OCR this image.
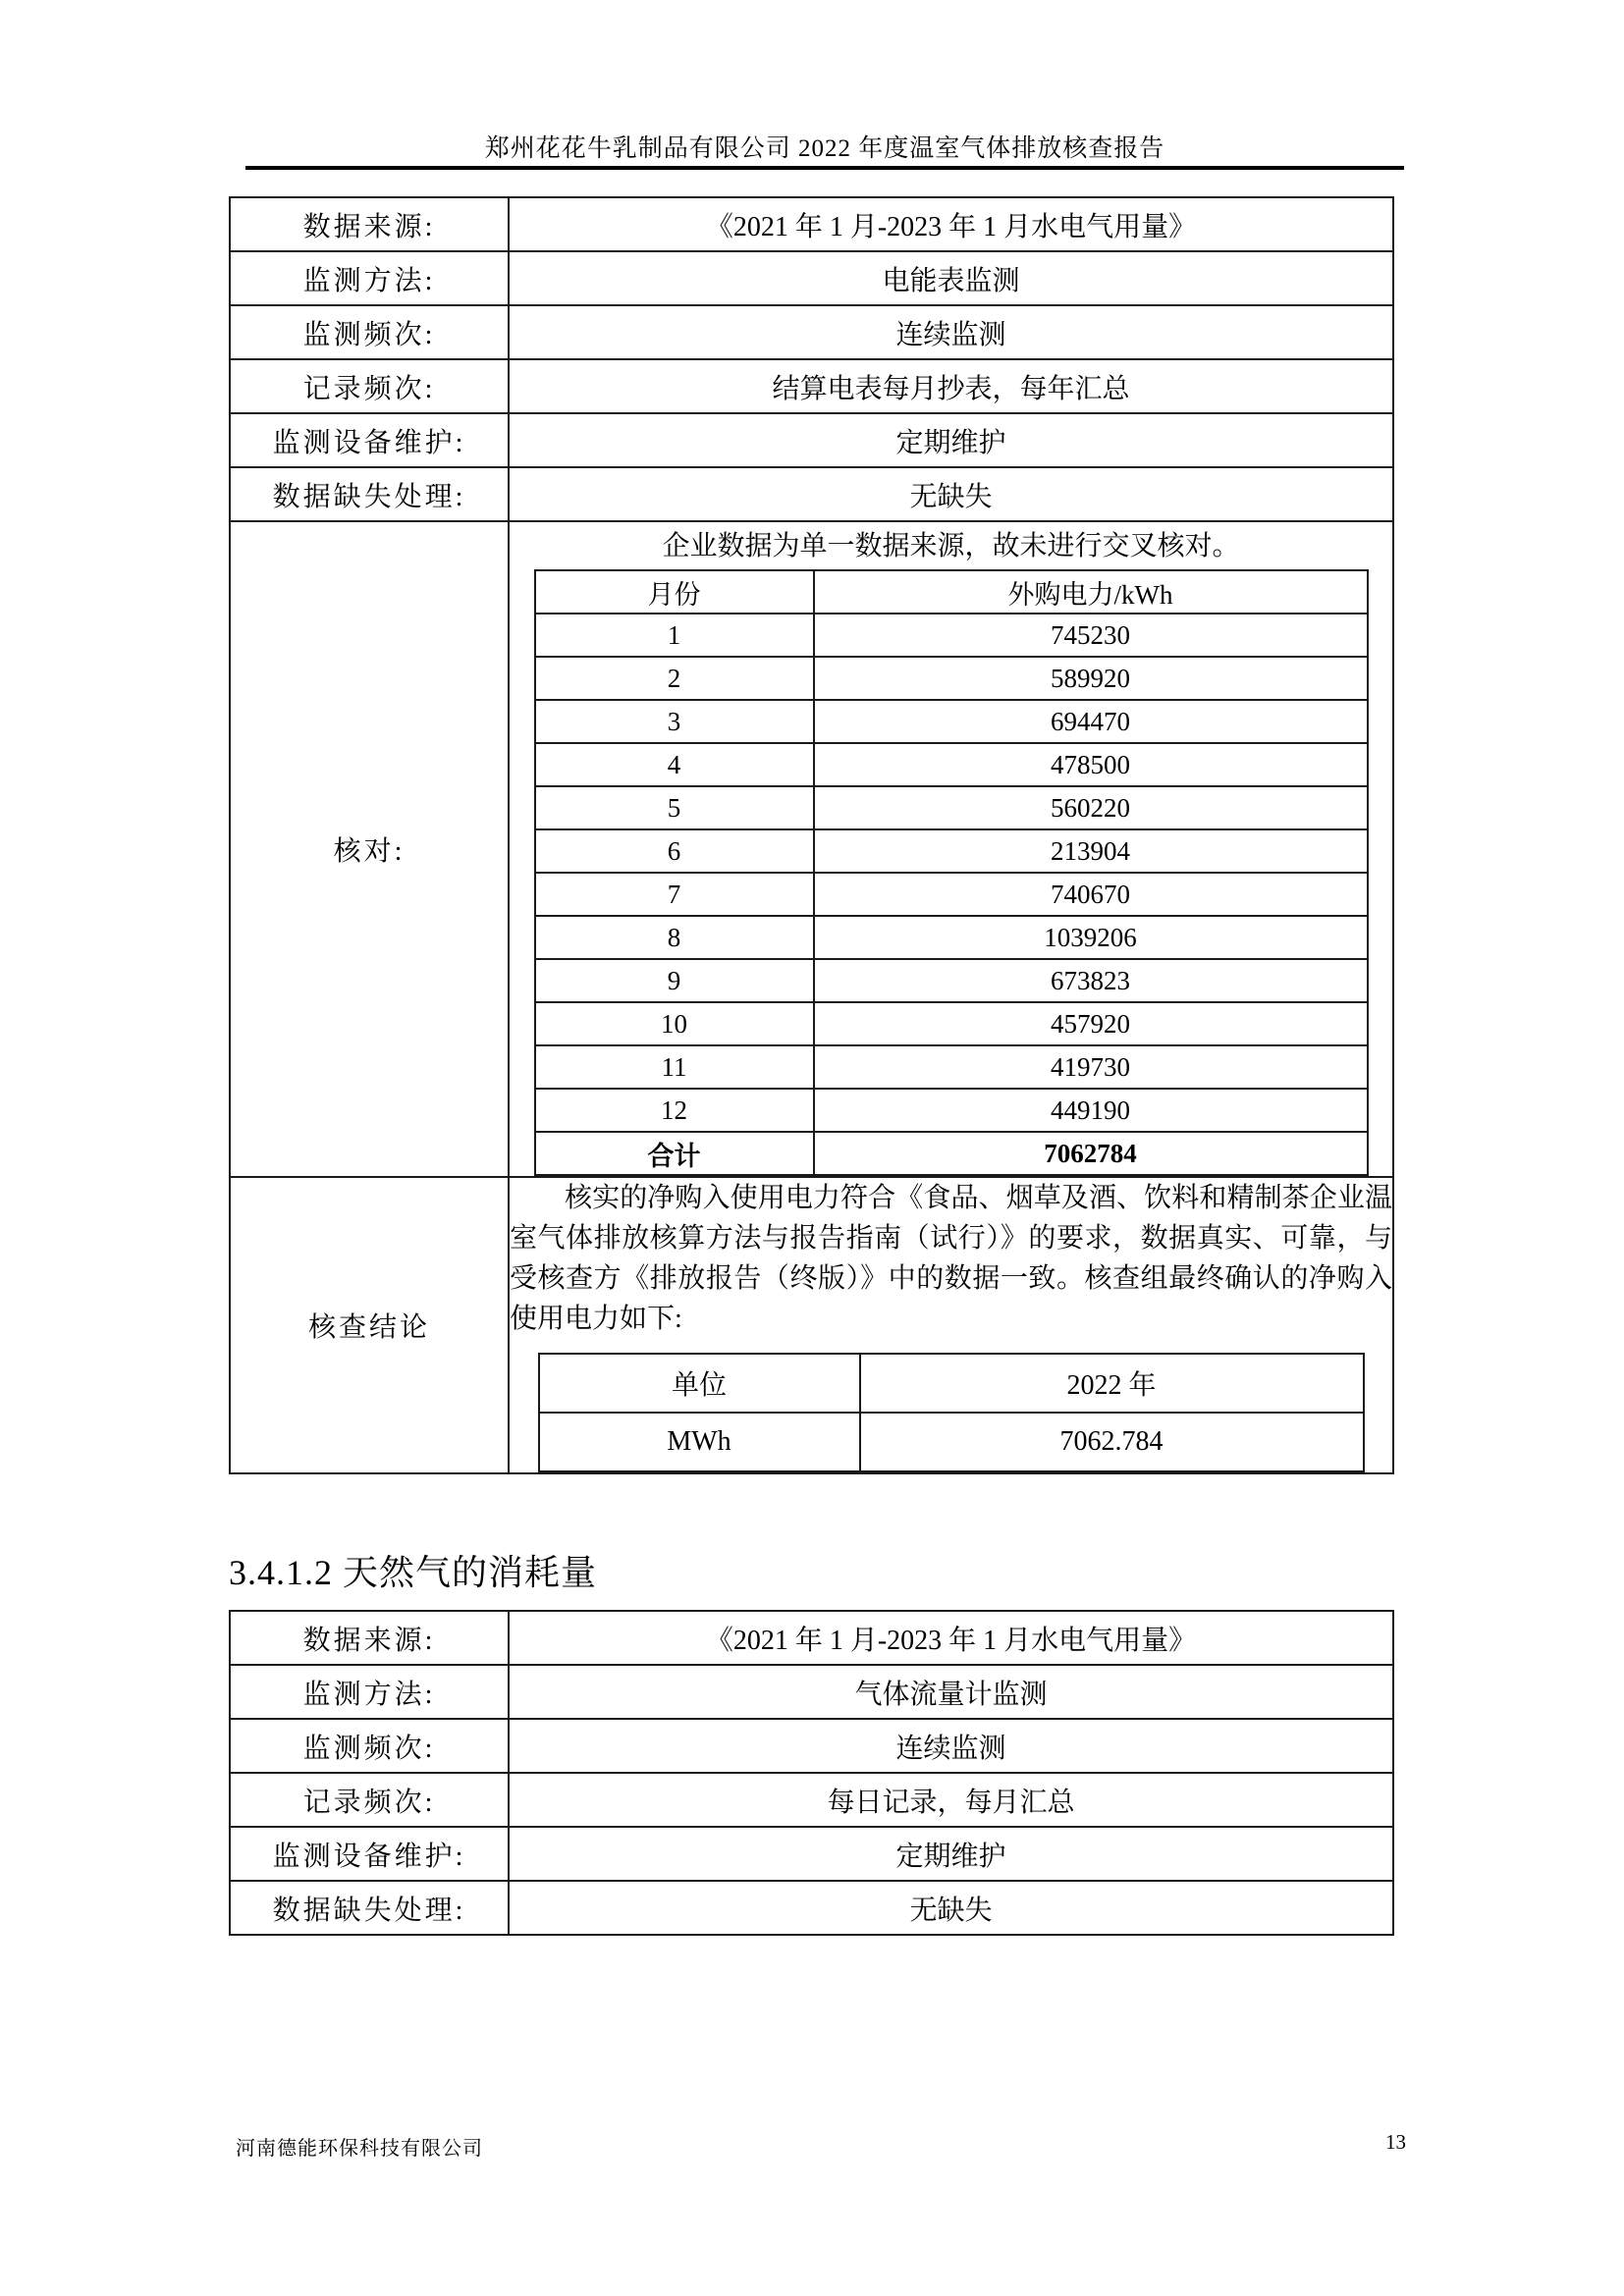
郑州花花牛乳制品有限公司 2022 年度温室气体排放核查报告
数据来源:	《2021 年 1 月-2023 年 1 月水电气用量》
监测方法:	电能表监测
监测频次:	连续监测
记录频次:	结算电表每月抄表，每年汇总
监测设备维护:	定期维护
数据缺失处理:	无缺失
核对:	
企业数据为单一数据来源，故未进行交叉核对。
月份	外购电力/kWh
1	745230
2	589920
3	694470
4	478500
5	560220
6	213904
7	740670
8	1039206
9	673823
10	457920
11	419730
12	449190
合计	7062784

核查结论	

核实的净购入使用电力符合《食品、烟草及酒、饮料和精制茶企业温室气体排放核算方法与报告指南（试行）》的要求，数据真实、可靠，与受核查方《排放报告（终版）》中的数据一致。核查组最终确认的净购入使用电力如下:

单位	2022 年
MWh	7062.784
3.4.1.2 天然气的消耗量
数据来源:	《2021 年 1 月-2023 年 1 月水电气用量》
监测方法:	气体流量计监测
监测频次:	连续监测
记录频次:	每日记录，每月汇总
监测设备维护:	定期维护
数据缺失处理:	无缺失
河南德能环保科技有限公司	13
